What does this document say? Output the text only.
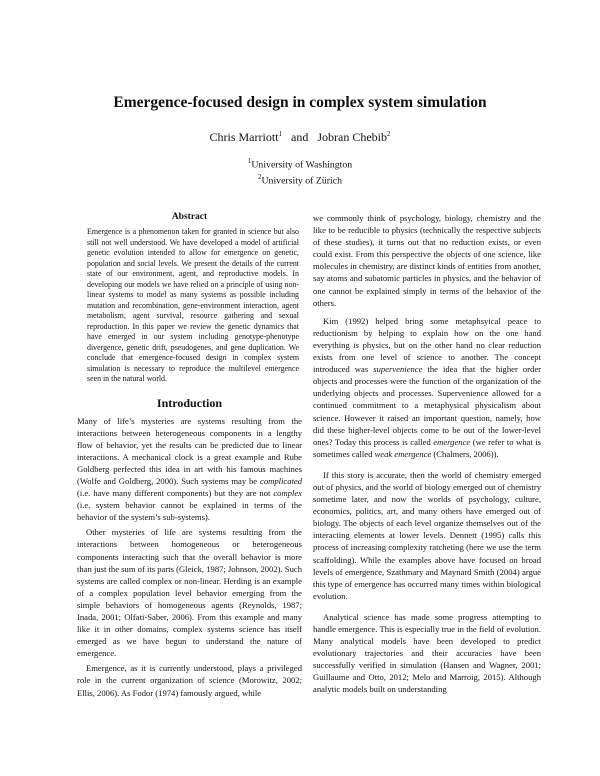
Emergence-focused design in complex system simulation
Chris Marriott$^1$ and Jobran Chebib$^2$
$^1$University of Washington
$^2$University of Zürich
Abstract

Emergence is a phenomenon taken for granted in science but also still not well understood. We have developed a model of artificial genetic evolution intended to allow for emergence on genetic, population and social levels. We present the details of the current state of our environment, agent, and reproductive models. In developing our models we have relied on a principle of using non-linear systems to model as many systems as possible including mutation and recombination, gene-environment interaction, agent metabolism, agent survival, resource gathering and sexual reproduction. In this paper we review the genetic dynamics that have emerged in our system including genotype-phenotype divergence, genetic drift, pseudogenes, and gene duplication. We conclude that emergence-focused design in complex system simulation is necessary to reproduce the multilevel emergence seen in the natural world.

Introduction

Many of life’s mysteries are systems resulting from the interactions between heterogeneous components in a lengthy flow of behavior, yet the results can be predicted due to linear interactions. A mechanical clock is a great example and Rube Goldberg perfected this idea in art with his famous machines (Wolfe and Goldberg, 2000). Such systems may be complicated (i.e. have many different components) but they are not complex (i.e. system behavior cannot be explained in terms of the behavior of the system’s sub-systems).

Other mysteries of life are systems resulting from the interactions between homogeneous or heterogeneous components interacting such that the overall behavior is more than just the sum of its parts (Gleick, 1987; Johnson, 2002). Such systems are called complex or non-linear. Herding is an example of a complex population level behavior emerging from the simple behaviors of homogeneous agents (Reynolds, 1987; Inada, 2001; Olfati-Saber, 2006). From this example and many like it in other domains, complex systems science has itself emerged as we have begun to understand the nature of emergence.

Emergence, as it is currently understood, plays a privileged role in the current organization of science (Morowitz, 2002; Ellis, 2006). As Fodor (1974) famously argued, while

we commonly think of psychology, biology, chemistry and the like to be reducible to physics (technically the respective subjects of these studies), it turns out that no reduction exists, or even could exist. From this perspective the objects of one science, like molecules in chemistry, are distinct kinds of entities from another, say atoms and subatomic particles in physics, and the behavior of one cannot be explained simply in terms of the behavior of the others.

Kim (1992) helped bring some metaphsyical peace to reductionism by helping to explain how on the one hand everything is physics, but on the other hand no clear reduction exists from one level of science to another. The concept introduced was supervenience the idea that the higher order objects and processes were the function of the organization of the underlying objects and processes. Supervenience allowed for a continued commitment to a metaphysical physicalism about science. However it raised an important question, namely, how did these higher-level objects come to be out of the lower-level ones? Today this process is called emergence (we refer to what is sometimes called weak emergence (Chalmers, 2006)).

If this story is accurate, then the world of chemistry emerged out of physics, and the world of biology emerged out of chemistry sometime later, and now the worlds of psychology, culture, economics, politics, art, and many others have emerged out of biology. The objects of each level organize themselves out of the interacting elements at lower levels. Dennett (1995) calls this process of increasing complexity ratcheting (here we use the term scaffolding). While the examples above have focused on broad levels of emergence, Szathmary and Maynard Smith (2004) argue this type of emergence has occurred many times within biological evolution.

Analytical science has made some progress attempting to handle emergence. This is especially true in the field of evolution. Many analytical models have been developed to predict evolutionary trajectories and their accuracies have been successfully verified in simulation (Hansen and Wagner, 2001; Guillaume and Otto, 2012; Melo and Marroig, 2015). Although analytic models built on understanding
